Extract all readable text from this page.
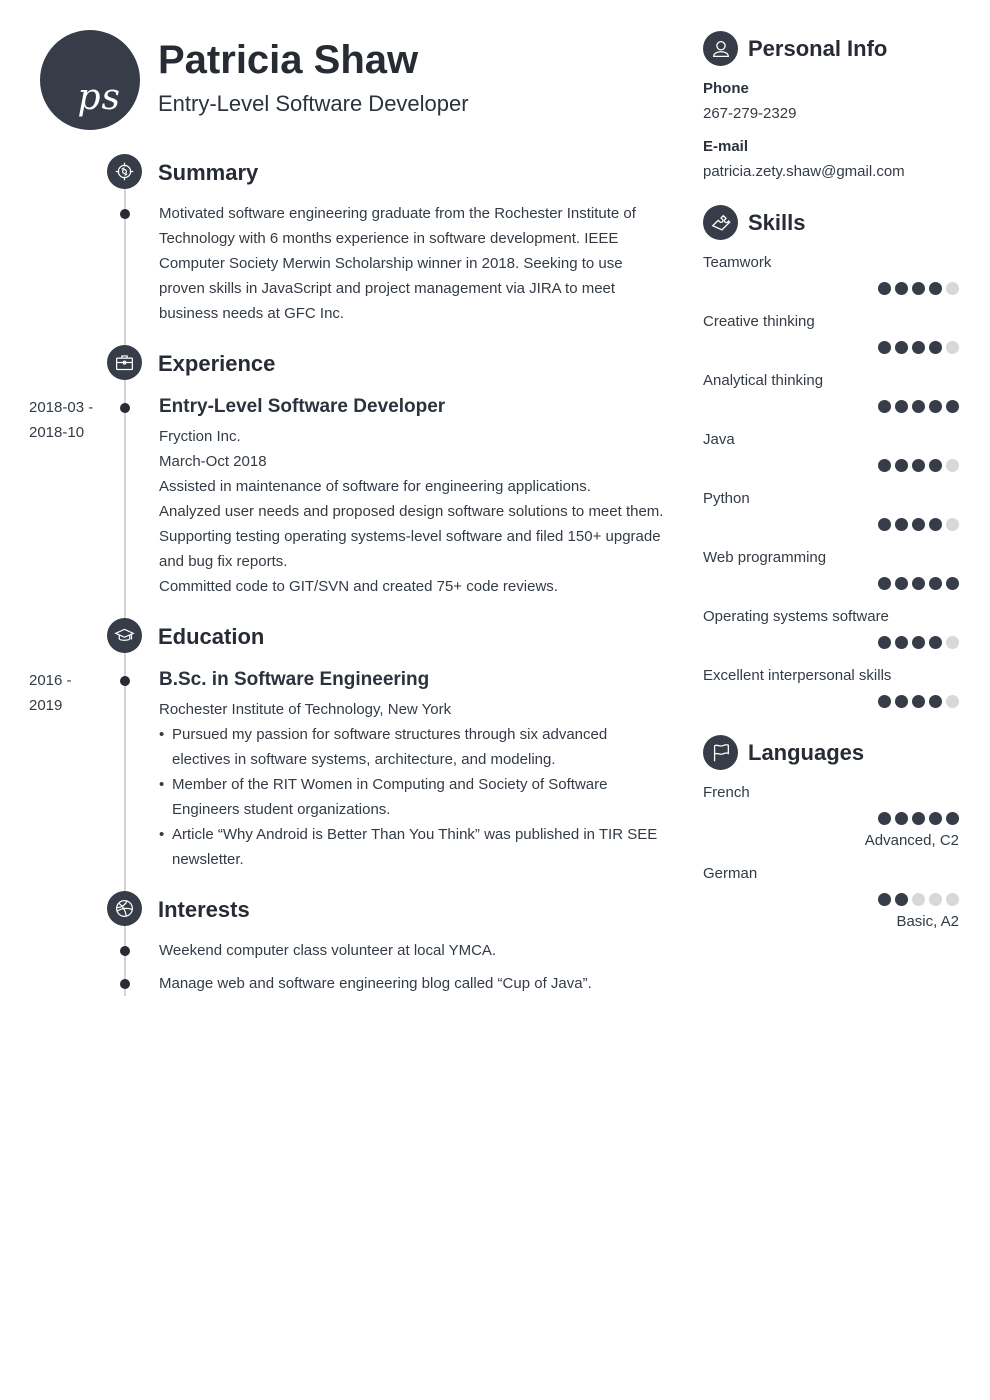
ps
Patricia Shaw
Entry-Level Software Developer
Summary
Motivated software engineering graduate from the Rochester Institute of Technology with 6 months experience in software development. IEEE Computer Society Merwin Scholarship winner in 2018. Seeking to use proven skills in JavaScript and project management via JIRA to meet business needs at GFC Inc.
Experience
2018-03 -
2018-10
Entry-Level Software Developer
Fryction Inc.
March-Oct 2018
Assisted in maintenance of software for engineering applications.
Analyzed user needs and proposed design software solutions to meet them.
Supporting testing operating systems-level software and filed 150+ upgrade and bug fix reports.
Committed code to GIT/SVN and created 75+ code reviews.
Education
2016 -
2019
B.Sc. in Software Engineering
Rochester Institute of Technology, New York
• Pursued my passion for software structures through six advanced electives in software systems, architecture, and modeling.
• Member of the RIT Women in Computing and Society of Software Engineers student organizations.
• Article “Why Android is Better Than You Think” was published in TIR SEE newsletter.
Interests
Weekend computer class volunteer at local YMCA.
Manage web and software engineering blog called “Cup of Java”.
Personal Info
Phone
267-279-2329
E-mail
patricia.zety.shaw@gmail.com
Skills
Teamwork
Creative thinking
Analytical thinking
Java
Python
Web programming
Operating systems software
Excellent interpersonal skills
Languages
French
Advanced, C2
German
Basic, A2
